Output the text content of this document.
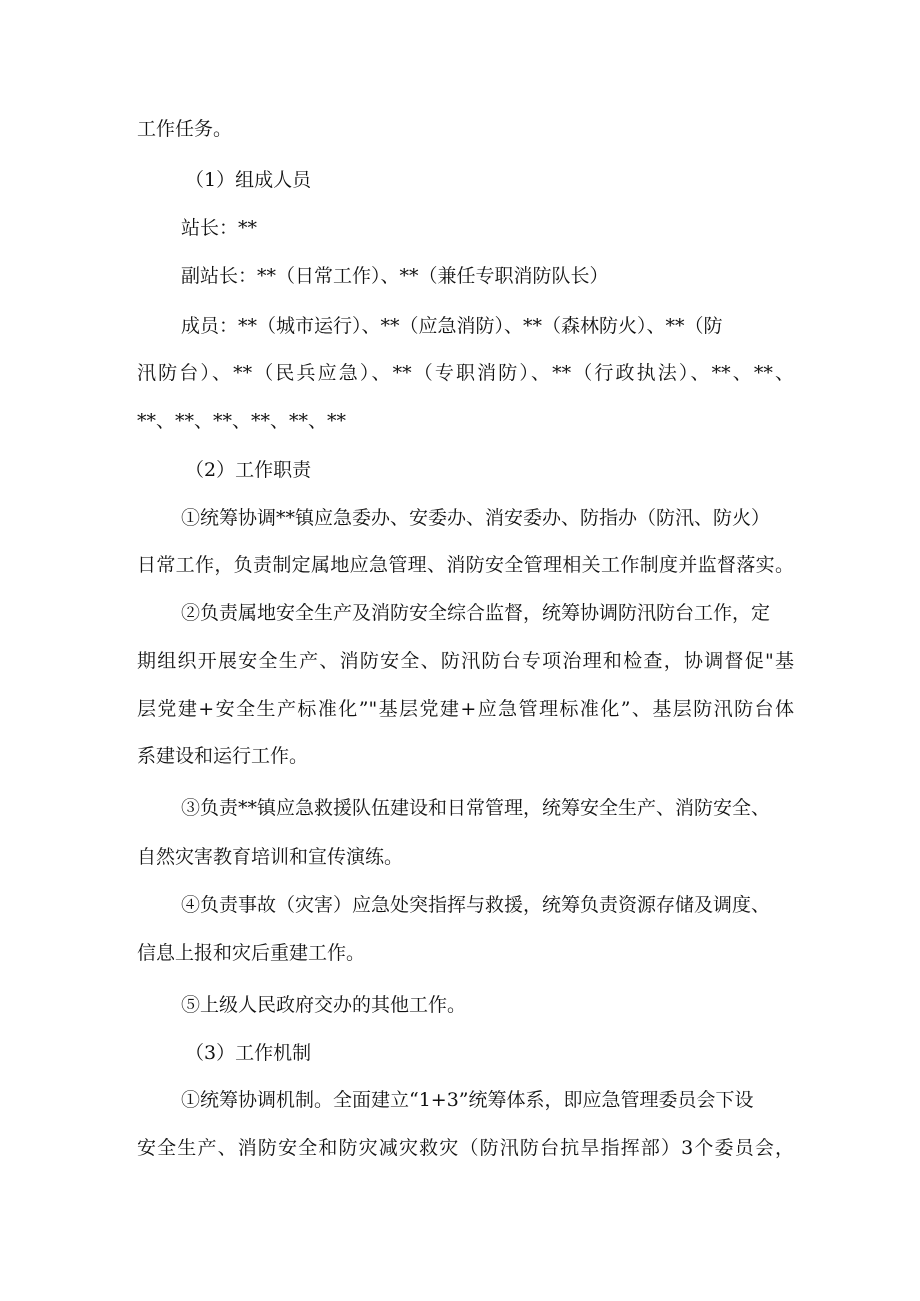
工作任务。
（1）组成人员
站长：**
副站长：**（日常工作）、**（兼任专职消防队长）
成员：**（城市运行）、**（应急消防）、**（森林防火）、**（防
汛防台）、**（民兵应急）、**（专职消防）、**（行政执法）、**、**、
**、**、**、**、**、**
（2）工作职责
①统筹协调**镇应急委办、安委办、消安委办、防指办（防汛、防火）
日常工作，负责制定属地应急管理、消防安全管理相关工作制度并监督落实。
②负责属地安全生产及消防安全综合监督，统筹协调防汛防台工作，定
期组织开展安全生产、消防安全、防汛防台专项治理和检查，协调督促"基
层党建+安全生产标准化”"基层党建+应急管理标准化”、基层防汛防台体
系建设和运行工作。
③负责**镇应急救援队伍建设和日常管理，统筹安全生产、消防安全、
自然灾害教育培训和宣传演练。
④负责事故（灾害）应急处突指挥与救援，统筹负责资源存储及调度、
信息上报和灾后重建工作。
⑤上级人民政府交办的其他工作。
（3）工作机制
①统筹协调机制。全面建立“1+3”统筹体系，即应急管理委员会下设
安全生产、消防安全和防灾减灾救灾（防汛防台抗旱指挥部）3个委员会，
